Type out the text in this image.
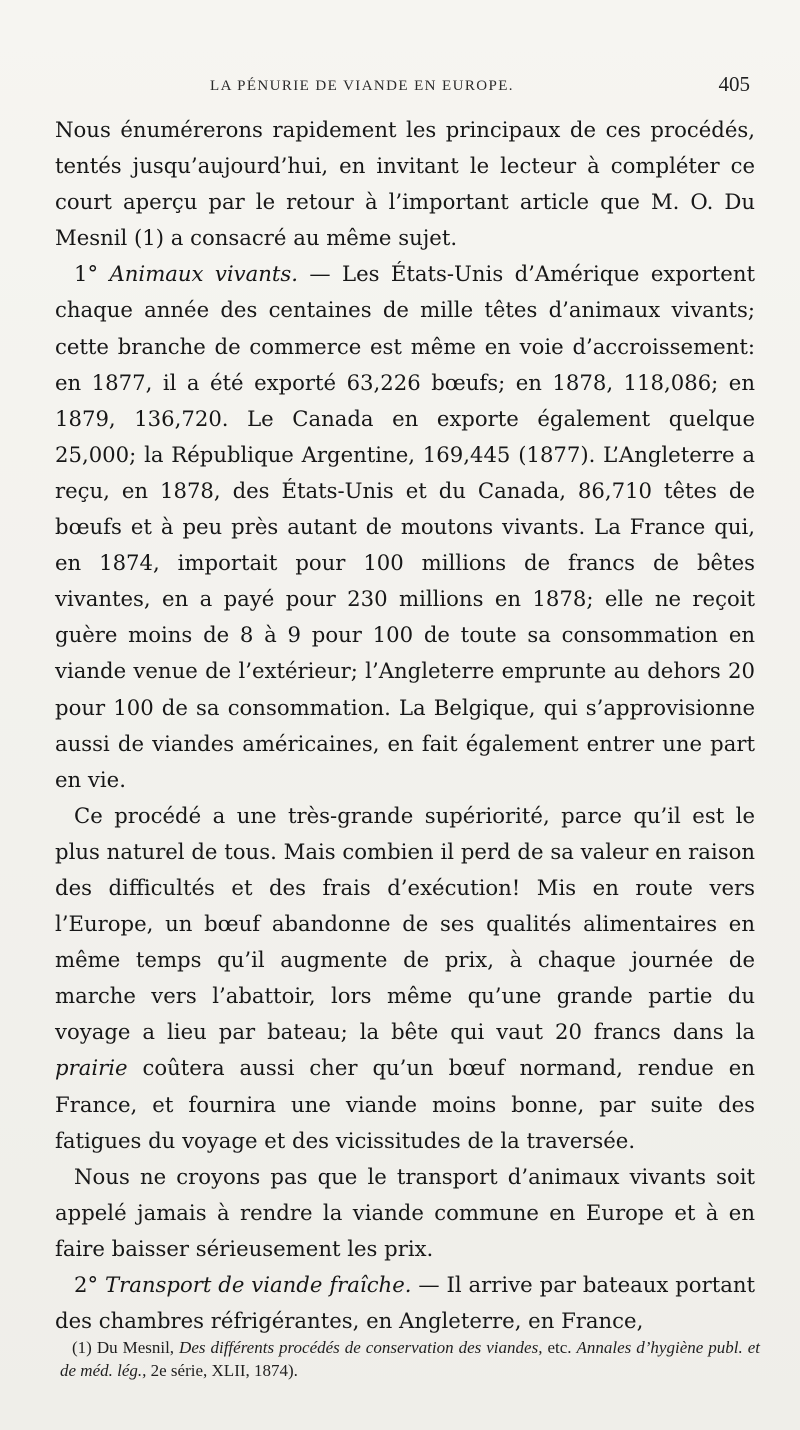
LA PÉNURIE DE VIANDE EN EUROPE.	405

Nous énumérerons rapidement les principaux de ces procédés, tentés jusqu’aujourd’hui, en invitant le lecteur à compléter ce court aperçu par le retour à l’important article que M. O. Du Mesnil (1) a consacré au même sujet.

1° Animaux vivants. — Les États-Unis d’Amérique exportent chaque année des centaines de mille têtes d’animaux vivants; cette branche de commerce est même en voie d’accroissement: en 1877, il a été exporté 63,226 bœufs; en 1878, 118,086; en 1879, 136,720. Le Canada en exporte également quelque 25,000; la République Argentine, 169,445 (1877). L’Angleterre a reçu, en 1878, des États-Unis et du Canada, 86,710 têtes de bœufs et à peu près autant de moutons vivants. La France qui, en 1874, importait pour 100 millions de francs de bêtes vivantes, en a payé pour 230 millions en 1878; elle ne reçoit guère moins de 8 à 9 pour 100 de toute sa consommation en viande venue de l’extérieur; l’Angleterre emprunte au dehors 20 pour 100 de sa consommation. La Belgique, qui s’approvisionne aussi de viandes américaines, en fait également entrer une part en vie.

Ce procédé a une très-grande supériorité, parce qu’il est le plus naturel de tous. Mais combien il perd de sa valeur en raison des difficultés et des frais d’exécution! Mis en route vers l’Europe, un bœuf abandonne de ses qualités alimentaires en même temps qu’il augmente de prix, à chaque journée de marche vers l’abattoir, lors même qu’une grande partie du voyage a lieu par bateau; la bête qui vaut 20 francs dans la prairie coûtera aussi cher qu’un bœuf normand, rendue en France, et fournira une viande moins bonne, par suite des fatigues du voyage et des vicissitudes de la traversée.

Nous ne croyons pas que le transport d’animaux vivants soit appelé jamais à rendre la viande commune en Europe et à en faire baisser sérieusement les prix.

2° Transport de viande fraîche. — Il arrive par bateaux portant des chambres réfrigérantes, en Angleterre, en France,

(1) Du Mesnil, Des différents procédés de conservation des viandes, etc. Annales d’hygiène publ. et de méd. lég., 2e série, XLII, 1874).
